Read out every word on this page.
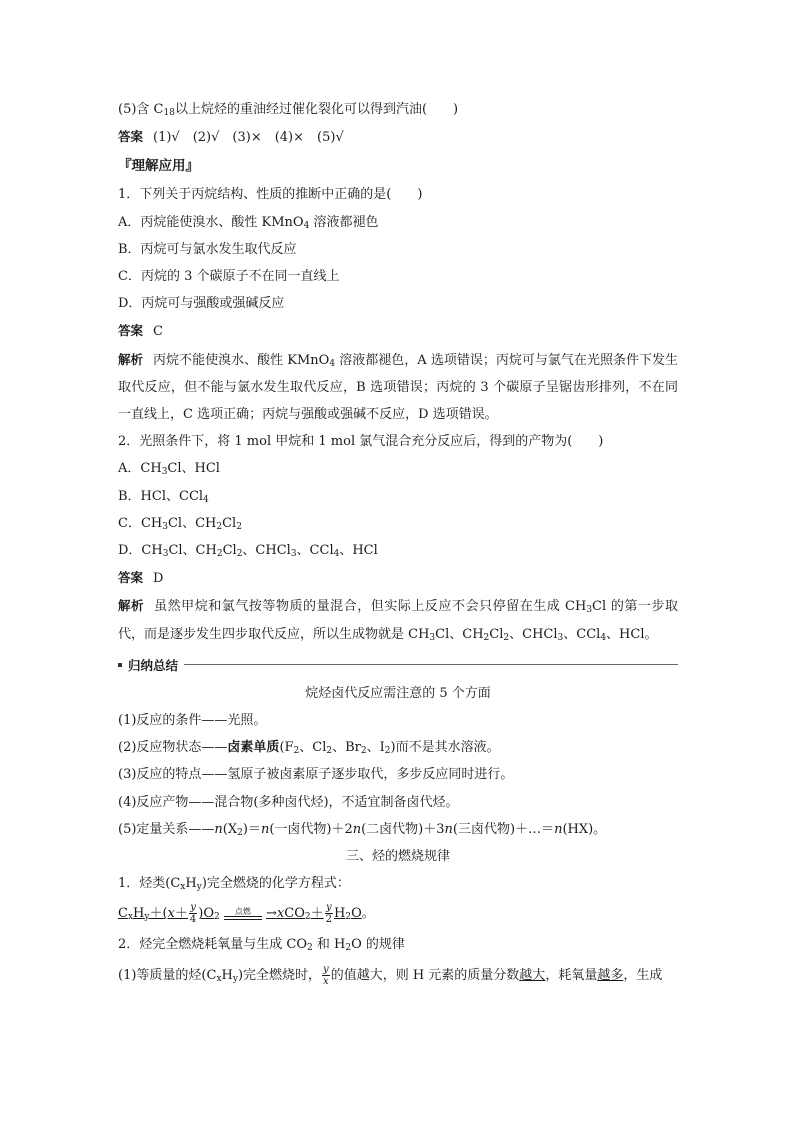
(5)含 $C_{18}$以上烷烃的重油经过催化裂化可以得到汽油(　　)
答案 (1)√　(2)√　(3)×　(4)×　(5)√
『理解应用』
1．下列关于丙烷结构、性质的推断中正确的是(　　)
A．丙烷能使溴水、酸性 KMnO$_4$ 溶液都褪色
B．丙烷可与氯水发生取代反应
C．丙烷的 3 个碳原子不在同一直线上
D．丙烷可与强酸或强碱反应
答案 C
解析 丙烷不能使溴水、酸性 KMnO$_4$ 溶液都褪色，A 选项错误；丙烷可与氯气在光照条件下发生取代反应，但不能与氯水发生取代反应，B 选项错误；丙烷的 3 个碳原子呈锯齿形排列，不在同一直线上，C 选项正确；丙烷与强酸或强碱不反应，D 选项错误。
2．光照条件下，将 1 mol 甲烷和 1 mol 氯气混合充分反应后，得到的产物为(　　)
A．$CH_3Cl$、HCl
B．HCl、CCl$_4$
C．$CH_3Cl$、$CH_2Cl_2$
D．$CH_3Cl$、$CH_2Cl_2$、CHCl$_3$、CCl$_4$、HCl
答案 D
解析 虽然甲烷和氯气按等物质的量混合，但实际上反应不会只停留在生成 $CH_3Cl$ 的第一步取代，而是逐步发生四步取代反应，所以生成物就是 $CH_3Cl$、$CH_2Cl_2$、CHCl$_3$、CCl$_4$、HCl。
归纳总结
烷烃卤代反应需注意的 5 个方面
(1)反应的条件——光照。
(2)反应物状态——卤素单质($F_2$、$Cl_2$、$Br_2$、$I_2$)而不是其水溶液。
(3)反应的特点——氢原子被卤素原子逐步取代，多步反应同时进行。
(4)反应产物——混合物(多种卤代烃)，不适宜制备卤代烃。
(5)定量关系$——n(X_2)=n$(一卤代物)＋2n(二卤代物)＋3n(三卤代物)＋…＝n(HX)。
三、烃的燃烧规律
1．烃类$(C_xH_y)$完全燃烧的化学方程式：
$C_xH_y+(x+ \frac{y}{4} )O_2$
点燃	$\to xCO_2+ \frac{y}{2} H_2O$。
2．烃完全燃烧耗氧量与生成 $CO_2$ 和 $H_2O$ 的规律
(1)等质量的烃$(C_xH_y)$完全燃烧时， $\frac{y}{x}$ 的值越大，则 H 元素的质量分数越大，耗氧量越多，生成
